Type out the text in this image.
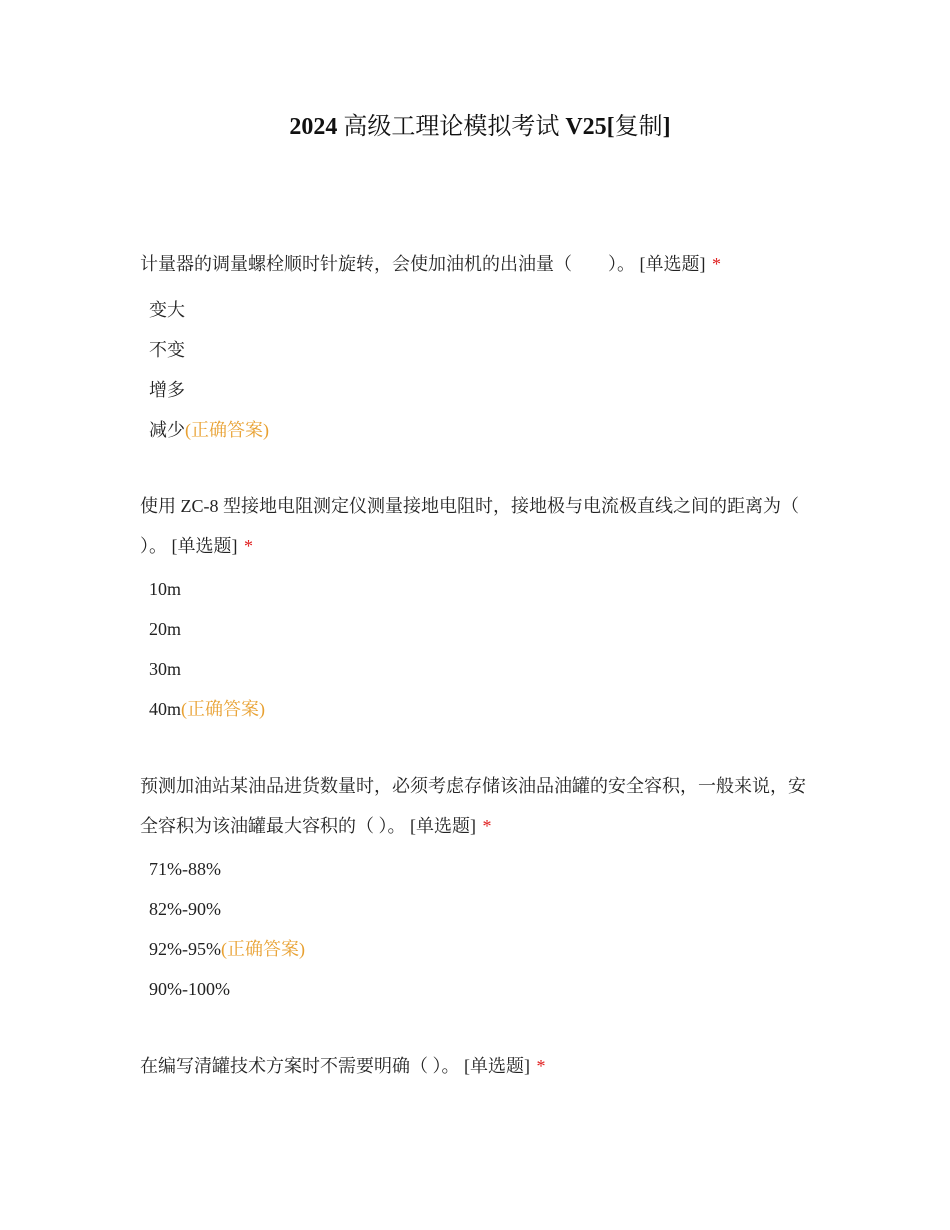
2024 高级工理论模拟考试 V25[复制]
计量器的调量螺栓顺时针旋转，会使加油机的出油量（　　）。 [单选题] *
变大
不变
增多
减少(正确答案)
使用 ZC-8 型接地电阻测定仪测量接地电阻时，接地极与电流极直线之间的距离为（ ）。 [单选题] *
10m
20m
30m
40m(正确答案)
预测加油站某油品进货数量时，必须考虑存储该油品油罐的安全容积，一般来说，安全容积为该油罐最大容积的（ ）。 [单选题] *
71%-88%
82%-90%
92%-95%(正确答案)
90%-100%
在编写清罐技术方案时不需要明确（ ）。 [单选题] *
